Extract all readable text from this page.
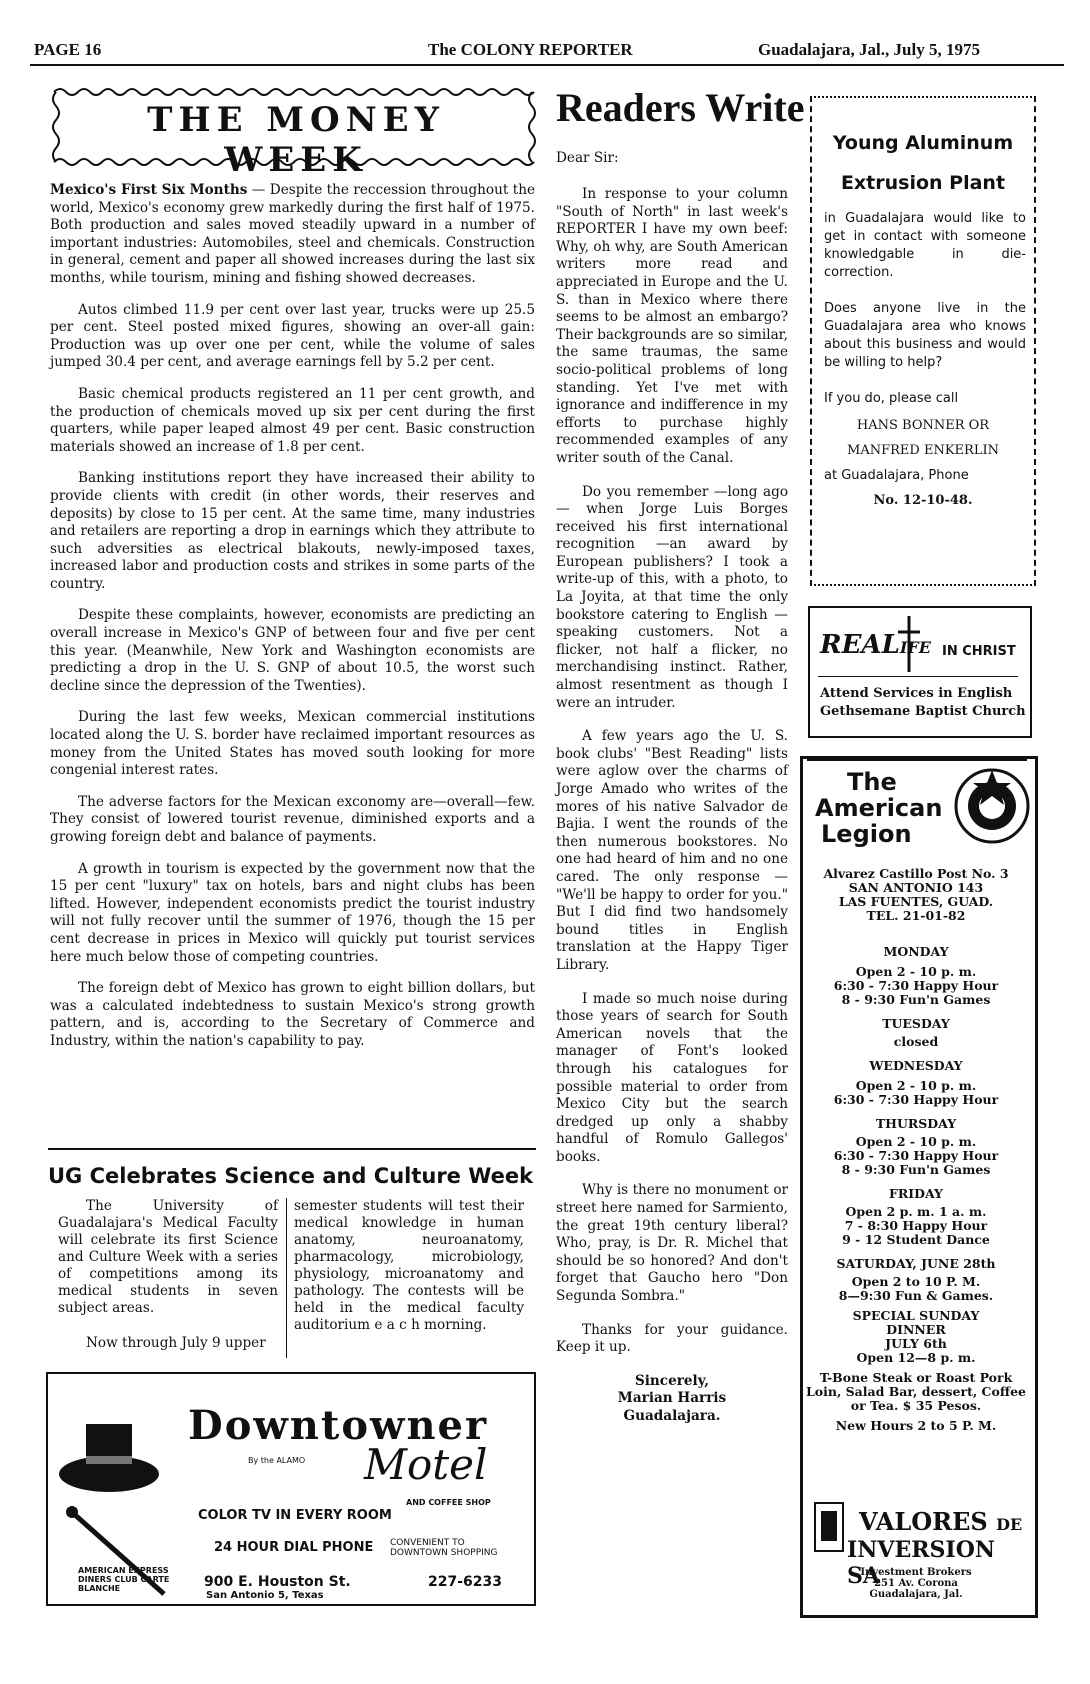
PAGE 16	The COLONY REPORTER	Guadalajara, Jal., July 5, 1975
THE MONEY WEEK

Mexico's First Six Months — Despite the reccession throughout the world, Mexico's economy grew markedly during the first half of 1975. Both production and sales moved steadily upward in a number of important industries: Automobiles, steel and chemicals. Construction in general, cement and paper all showed increases during the last six months, while tourism, mining and fishing showed decreases.

Autos climbed 11.9 per cent over last year, trucks were up 25.5 per cent. Steel posted mixed figures, showing an over-all gain: Production was up over one per cent, while the volume of sales jumped 30.4 per cent, and average earnings fell by 5.2 per cent.

Basic chemical products registered an 11 per cent growth, and the production of chemicals moved up six per cent during the first quarters, while paper leaped almost 49 per cent. Basic construction materials showed an increase of 1.8 per cent.

Banking institutions report they have increased their ability to provide clients with credit (in other words, their reserves and deposits) by close to 15 per cent. At the same time, many industries and retailers are reporting a drop in earnings which they attribute to such adversities as electrical blakouts, newly-imposed taxes, increased labor and production costs and strikes in some parts of the country.

Despite these complaints, however, economists are predicting an overall increase in Mexico's GNP of between four and five per cent this year. (Meanwhile, New York and Washington economists are predicting a drop in the U. S. GNP of about 10.5, the worst such decline since the depression of the Twenties).

During the last few weeks, Mexican commercial institutions located along the U. S. border have reclaimed important resources as money from the United States has moved south looking for more congenial interest rates.

The adverse factors for the Mexican exconomy are—overall—few. They consist of lowered tourist revenue, diminished exports and a growing foreign debt and balance of payments.

A growth in tourism is expected by the government now that the 15 per cent "luxury" tax on hotels, bars and night clubs has been lifted. However, independent economists predict the tourist industry will not fully recover until the summer of 1976, though the 15 per cent decrease in prices in Mexico will quickly put tourist services here much below those of competing countries.

The foreign debt of Mexico has grown to eight billion dollars, but was a calculated indebtedness to sustain Mexico's strong growth pattern, and is, according to the Secretary of Commerce and Industry, within the nation's capability to pay.

UG Celebrates Science and Culture Week

The University of Guadalajara's Medical Faculty will celebrate its first Science and Culture Week with a series of competitions among its medical students in seven subject areas.

Now through July 9 upper

semester students will test their medical knowledge in human anatomy, neuroanatomy, pharmacology, microbiology, physiology, microanatomy and pathology. The contests will be held in the medical faculty auditorium e a c h morning.
Downtowner
Motel
By the ALAMO
AND COFFEE SHOP
COLOR TV IN EVERY ROOM
24 HOUR DIAL PHONE CONVENIENT TO DOWNTOWN SHOPPING
AMERICAN EXPRESS DINERS CLUB CARTE BLANCHE	900 E. Houston St.
San Antonio 5, Texas
227-6233
Readers Write
Dear Sir:

In response to your column "South of North" in last week's REPORTER I have my own beef: Why, oh why, are South American writers more read and appreciated in Europe and the U. S. than in Mexico where there seems to be almost an embargo? Their backgrounds are so similar, the same traumas, the same socio-political problems of long standing. Yet I've met with ignorance and indifference in my efforts to purchase highly recommended examples of any writer south of the Canal.

Do you remember —long ago— when Jorge Luis Borges received his first international recognition —an award by European publishers? I took a write-up of this, with a photo, to La Joyita, at that time the only bookstore catering to English — speaking customers. Not a flicker, not half a flicker, no merchandising instinct. Rather, almost resentment as though I were an intruder.

A few years ago the U. S. book clubs' "Best Reading" lists were aglow over the charms of Jorge Amado who writes of the mores of his native Salvador de Bajia. I went the rounds of the then numerous bookstores. No one had heard of him and no one cared. The only response — "We'll be happy to order for you." But I did find two handsomely bound titles in English translation at the Happy Tiger Library.

I made so much noise during those years of search for South American novels that the manager of Font's looked through his catalogues for possible material to order from Mexico City but the search dredged up only a shabby handful of Romulo Gallegos' books.

Why is there no monument or street here named for Sarmiento, the great 19th century liberal? Who, pray, is Dr. R. Michel that should be so honored? And don't forget that Gaucho hero "Don Segunda Sombra."

Thanks for your guidance. Keep it up.

Sincerely,
Marian Harris
Guadalajara.
Young Aluminum
Extrusion Plant
in Guadalajara would like to get in contact with someone knowledgable in die-correction.
Does anyone live in the Guadalajara area who knows about this business and would be willing to help?
If you do, please call
HANS BONNER OR
MANFRED ENKERLIN
at Guadalajara, Phone
No. 12-10-48.
REALIFE IN CHRIST
Attend Services in English
Gethsemane Baptist Church
The
American
Legion

Alvarez Castillo Post No. 3

SAN ANTONIO 143

LAS FUENTES, GUAD.

TEL. 21-01-82

MONDAY

Open 2 - 10 p. m.

6:30 - 7:30 Happy Hour

8 - 9:30 Fun'n Games

TUESDAY

closed

WEDNESDAY

Open 2 - 10 p. m.

6:30 - 7:30 Happy Hour

THURSDAY

Open 2 - 10 p. m.

6:30 - 7:30 Happy Hour

8 - 9:30 Fun'n Games

FRIDAY

Open 2 p. m. 1 a. m.

7 - 8:30 Happy Hour

9 - 12 Student Dance

SATURDAY, JUNE 28th

Open 2 to 10 P. M.

8—9:30 Fun & Games.

SPECIAL SUNDAY

DINNER

JULY 6th

Open 12—8 p. m.

T-Bone Steak or Roast Pork Loin, Salad Bar, dessert, Coffee or Tea. $ 35 Pesos.

New Hours 2 to 5 P. M.

VALORES DE
INVERSION SA

Investment Brokers

251 Av. Corona

Guadalajara, Jal.
